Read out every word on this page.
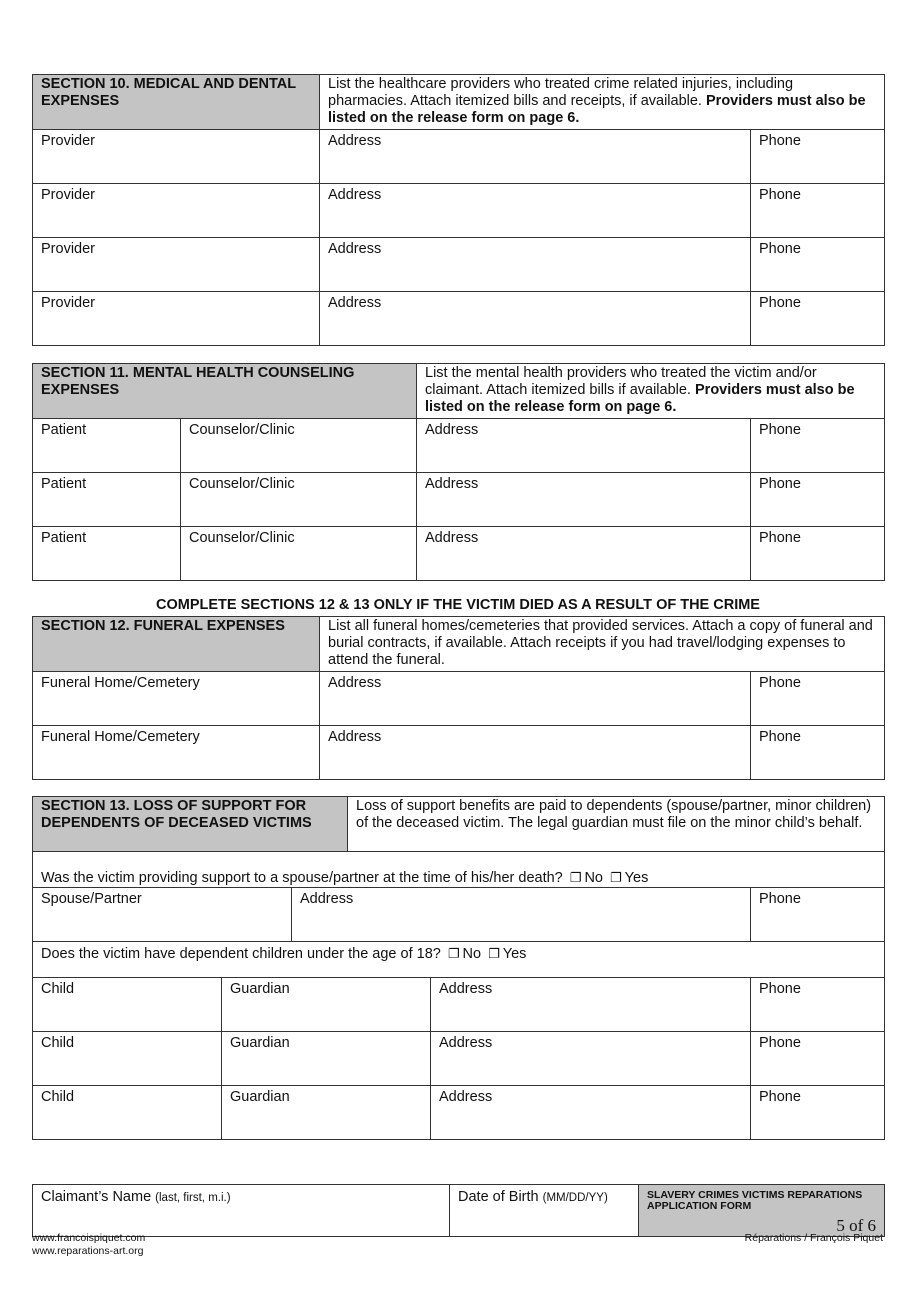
SECTION 10. MEDICAL AND DENTAL EXPENSES	List the healthcare providers who treated crime related injuries, including pharmacies. Attach itemized bills and receipts, if available. Providers must also be listed on the release form on page 6.	
Provider	Address	Phone
Provider	Address	Phone
Provider	Address	Phone
Provider	Address	Phone
SECTION 11. MENTAL HEALTH COUNSELING EXPENSES		List the mental health providers who treated the victim and/or claimant. Attach itemized bills if available. Providers must also be listed on the release form on page 6.	
Patient	Counselor/Clinic	Address	Phone
Patient	Counselor/Clinic	Address	Phone
Patient	Counselor/Clinic	Address	Phone
COMPLETE SECTIONS 12 & 13 ONLY IF THE VICTIM DIED AS A RESULT OF THE CRIME
SECTION 12. FUNERAL EXPENSES	List all funeral homes/cemeteries that provided services. Attach a copy of funeral and burial contracts, if available. Attach receipts if you had travel/lodging expenses to attend the funeral.	
Funeral Home/Cemetery	Address	Phone
Funeral Home/Cemetery	Address	Phone
SECTION 13. LOSS OF SUPPORT FOR DEPENDENTS OF DECEASED VICTIMS	Loss of support benefits are paid to dependents (spouse/partner, minor children) of the deceased victim. The legal guardian must file on the minor child’s behalf.
Was the victim providing support to a spouse/partner at the time of his/her death? ❐ No ❐ Yes
Spouse/Partner	Address	Phone
Does the victim have dependent children under the age of 18? ❐ No ❐ Yes
Child	Guardian	Address	Phone
Child	Guardian	Address	Phone
Child	Guardian	Address	Phone
Claimant’s Name (last, first, m.i.)	Date of Birth (MM/DD/YY)	SLAVERY CRIMES VICTIMS REPARATIONS APPLICATION FORM
5 of 6
www.francoispiquet.com
www.reparations-art.org
Réparations / François Piquet
